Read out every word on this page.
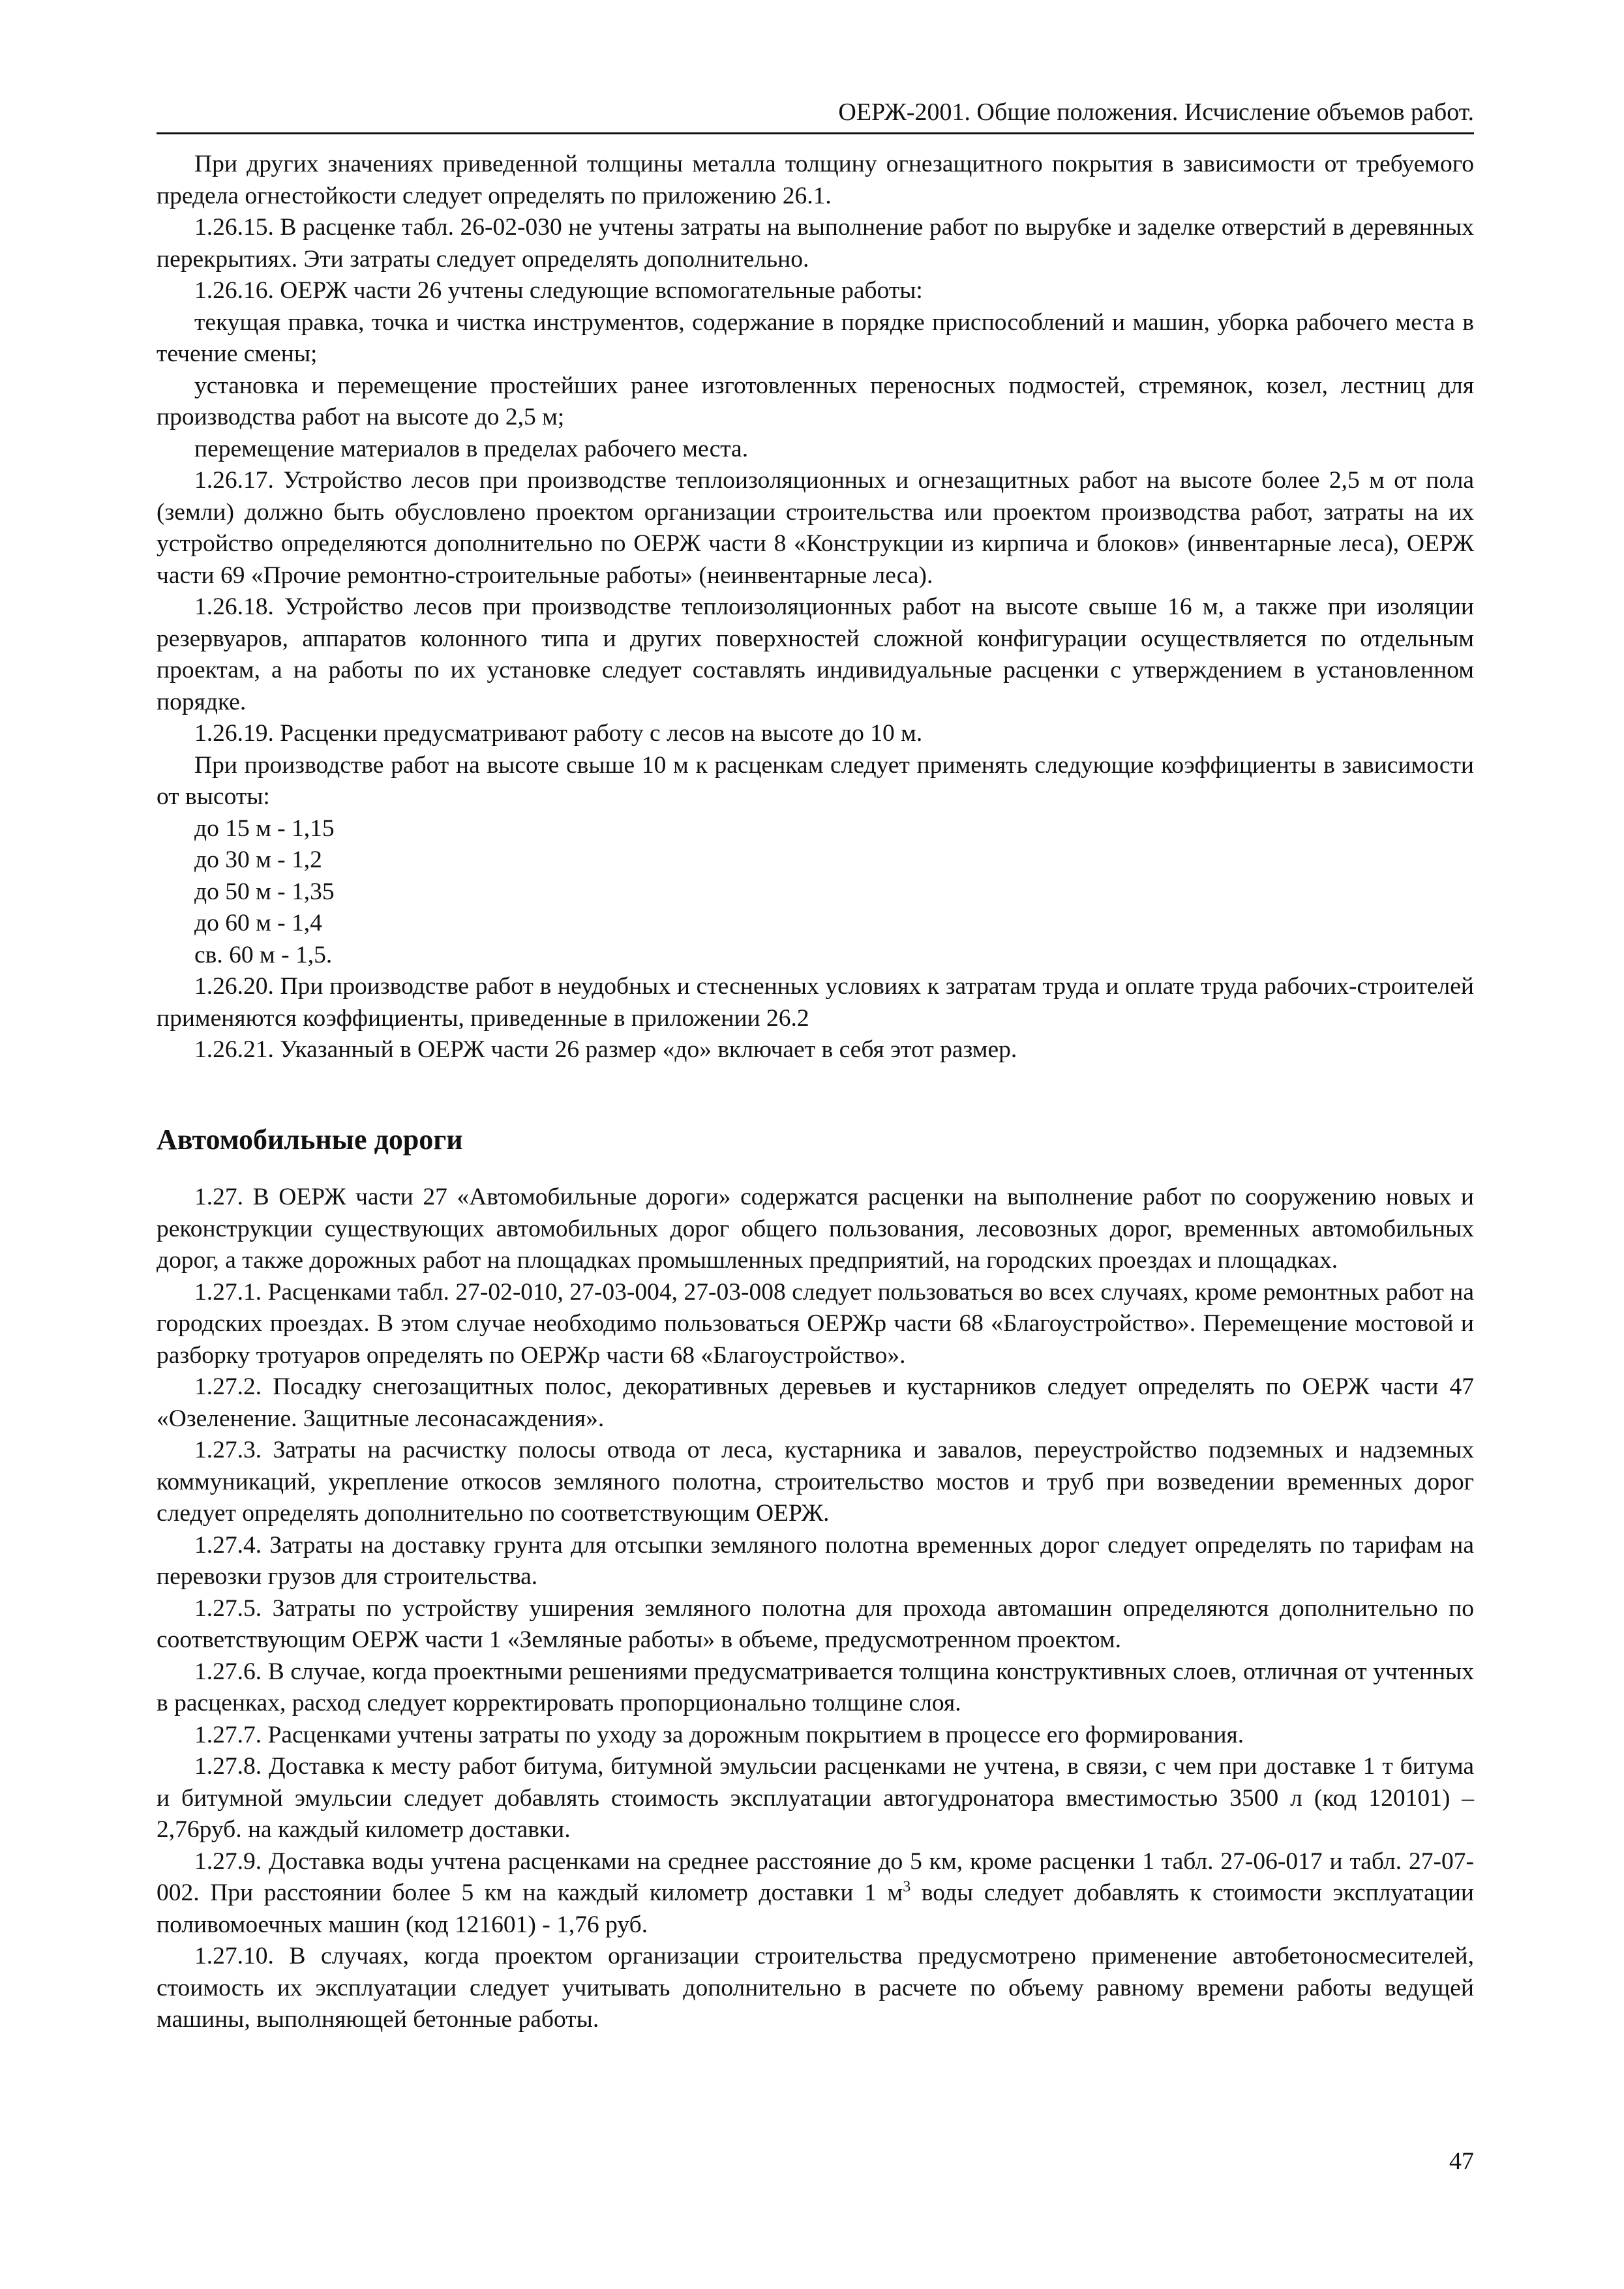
ОЕРЖ-2001. Общие положения. Исчисление объемов работ.

При других значениях приведенной толщины металла толщину огнезащитного покрытия в зависимости от требуемого предела огнестойкости следует определять по приложению 26.1.

1.26.15. В расценке табл. 26-02-030 не учтены затраты на выполнение работ по вырубке и заделке отверстий в деревянных перекрытиях. Эти затраты следует определять дополнительно.

1.26.16. ОЕРЖ части 26 учтены следующие вспомогательные работы:

текущая правка, точка и чистка инструментов, содержание в порядке приспособлений и машин, уборка рабочего места в течение смены;

установка и перемещение простейших ранее изготовленных переносных подмостей, стремянок, козел, лестниц для производства работ на высоте до 2,5 м;

перемещение материалов в пределах рабочего места.

1.26.17. Устройство лесов при производстве теплоизоляционных и огнезащитных работ на высоте более 2,5 м от пола (земли) должно быть обусловлено проектом организации строительства или проектом производства работ, затраты на их устройство определяются дополнительно по ОЕРЖ части 8 «Конструкции из кирпича и блоков» (инвентарные леса), ОЕРЖ части 69 «Прочие ремонтно-строительные работы» (неинвентарные леса).

1.26.18. Устройство лесов при производстве теплоизоляционных работ на высоте свыше 16 м, а также при изоляции резервуаров, аппаратов колонного типа и других поверхностей сложной конфигурации осуществляется по отдельным проектам, а на работы по их установке следует составлять индивидуальные расценки с утверждением в установленном порядке.

1.26.19. Расценки предусматривают работу с лесов на высоте до 10 м.

При производстве работ на высоте свыше 10 м к расценкам следует применять следующие коэффициенты в зависимости от высоты:

до 15 м - 1,15

до 30 м - 1,2

до 50 м - 1,35

до 60 м - 1,4

св. 60 м - 1,5.

1.26.20. При производстве работ в неудобных и стесненных условиях к затратам труда и оплате труда рабочих-строителей применяются коэффициенты, приведенные в приложении 26.2

1.26.21. Указанный в ОЕРЖ части 26 размер «до» включает в себя этот размер.

Автомобильные дороги

1.27. В ОЕРЖ части 27 «Автомобильные дороги» содержатся расценки на выполнение работ по сооружению новых и реконструкции существующих автомобильных дорог общего пользования, лесовозных дорог, временных автомобильных дорог, а также дорожных работ на площадках промышленных предприятий, на городских проездах и площадках.

1.27.1. Расценками табл. 27-02-010, 27-03-004, 27-03-008 следует пользоваться во всех случаях, кроме ремонтных работ на городских проездах. В этом случае необходимо пользоваться ОЕРЖр части 68 «Благоустройство». Перемещение мостовой и разборку тротуаров определять по ОЕРЖр части 68 «Благоустройство».

1.27.2. Посадку снегозащитных полос, декоративных деревьев и кустарников следует определять по ОЕРЖ части 47 «Озеленение. Защитные лесонасаждения».

1.27.3. Затраты на расчистку полосы отвода от леса, кустарника и завалов, переустройство подземных и надземных коммуникаций, укрепление откосов земляного полотна, строительство мостов и труб при возведении временных дорог следует определять дополнительно по соответствующим ОЕРЖ.

1.27.4. Затраты на доставку грунта для отсыпки земляного полотна временных дорог следует определять по тарифам на перевозки грузов для строительства.

1.27.5. Затраты по устройству уширения земляного полотна для прохода автомашин определяются дополнительно по соответствующим ОЕРЖ части 1 «Земляные работы» в объеме, предусмотренном проектом.

1.27.6. В случае, когда проектными решениями предусматривается толщина конструктивных слоев, отличная от учтенных в расценках, расход следует корректировать пропорционально толщине слоя.

1.27.7. Расценками учтены затраты по уходу за дорожным покрытием в процессе его формирования.

1.27.8. Доставка к месту работ битума, битумной эмульсии расценками не учтена, в связи, с чем при доставке 1 т битума и битумной эмульсии следует добавлять стоимость эксплуатации автогудронатора вместимостью 3500 л (код 120101) – 2,76руб. на каждый километр доставки.

1.27.9. Доставка воды учтена расценками на среднее расстояние до 5 км, кроме расценки 1 табл. 27-06-017 и табл. 27-07-002. При расстоянии более 5 км на каждый километр доставки 1 $м^3$ воды следует добавлять к стоимости эксплуатации поливомоечных машин (код 121601) - 1,76 руб.

1.27.10. В случаях, когда проектом организации строительства предусмотрено применение автобетоносмесителей, стоимость их эксплуатации следует учитывать дополнительно в расчете по объему равному времени работы ведущей машины, выполняющей бетонные работы.

47
